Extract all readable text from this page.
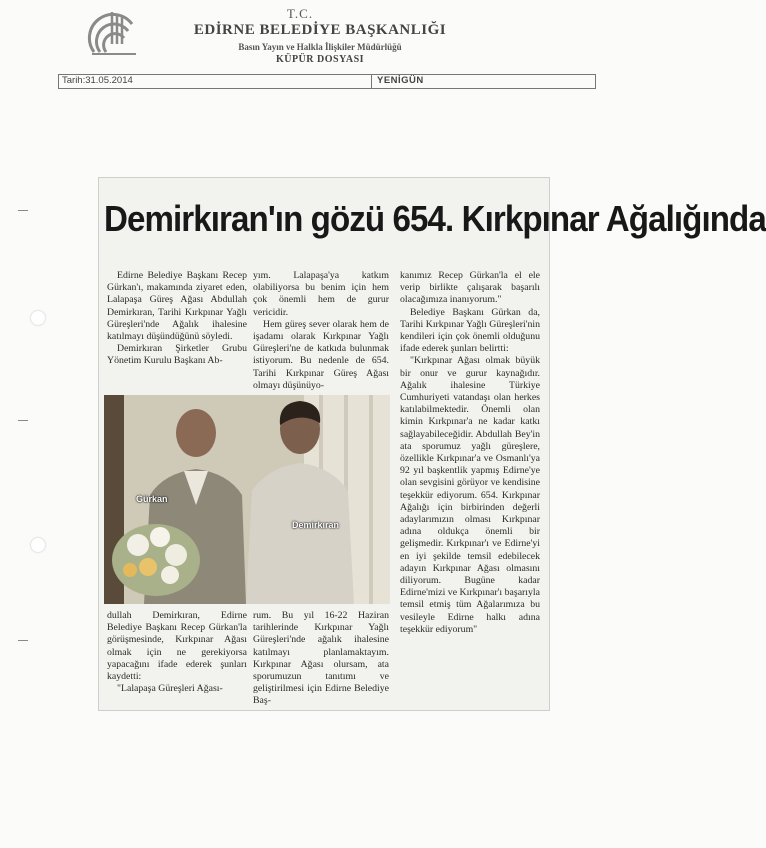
T.C.
EDİRNE BELEDİYE BAŞKANLIĞI
Basın Yayın ve Halkla İlişkiler Müdürlüğü
KÜPÜR DOSYASI
Tarih:31.05.2014	YENİGÜN
Demirkıran'ın gözü 654. Kırkpınar Ağalığında

Edirne Belediye Başkanı Recep Gürkan'ı, makamında ziyaret eden, Lalapaşa Güreş Ağası Abdullah Demirkıran, Tarihi Kırkpınar Yağlı Güreşleri'nde Ağalık ihalesine katılmayı düşündüğünü söyledi.

Demirkıran Şirketler Grubu Yönetim Kurulu Başkanı Ab-

yım. Lalapaşa'ya katkım olabiliyorsa bu benim için hem çok önemli hem de gurur vericidir.

Hem güreş sever olarak hem de işadamı olarak Kırkpınar Yağlı Güreşleri'ne de katkıda bulunmak istiyorum. Bu nedenle de 654. Tarihi Kırkpınar Güreş Ağası olmayı düşünüyo-

kanımız Recep Gürkan'la el ele verip birlikte çalışarak başarılı olacağımıza inanıyorum."

Belediye Başkanı Gürkan da, Tarihi Kırkpınar Yağlı Güreşleri'nin kendileri için çok önemli olduğunu ifade ederek şunları belirtti:

"Kırkpınar Ağası olmak büyük bir onur ve gurur kaynağıdır. Ağalık ihalesine Türkiye Cumhuriyeti vatandaşı olan herkes katılabilmektedir. Önemli olan kimin Kırkpınar'a ne kadar katkı sağlayabileceğidir. Abdullah Bey'in ata sporumuz yağlı güreşlere, özellikle Kırkpınar'a ve Osmanlı'ya 92 yıl başkentlik yapmış Edirne'ye olan sevgisini görüyor ve kendisine teşekkür ediyorum. 654. Kırkpınar Ağalığı için birbirinden değerli adaylarımızın olması Kırkpınar adına oldukça önemli bir gelişmedir. Kırkpınar'ı ve Edirne'yi en iyi şekilde temsil edebilecek adayın Kırkpınar Ağası olmasını diliyorum. Bugüne kadar Edirne'mizi ve Kırkpınar'ı başarıyla temsil etmiş tüm Ağalarımıza bu vesileyle Edirne halkı adına teşekkür ediyorum"

Gürkan
Demirkıran

dullah Demirkıran, Edirne Belediye Başkanı Recep Gürkan'la görüşmesinde, Kırkpınar Ağası olmak için ne gerekiyorsa yapacağını ifade ederek şunları kaydetti:

"Lalapaşa Güreşleri Ağası-

rum. Bu yıl 16-22 Haziran tarihlerinde Kırkpınar Yağlı Güreşleri'nde ağalık ihalesine katılmayı planlamaktayım. Kırkpınar Ağası olursam, ata sporumuzun tanıtımı ve geliştirilmesi için Edirne Belediye Baş-
